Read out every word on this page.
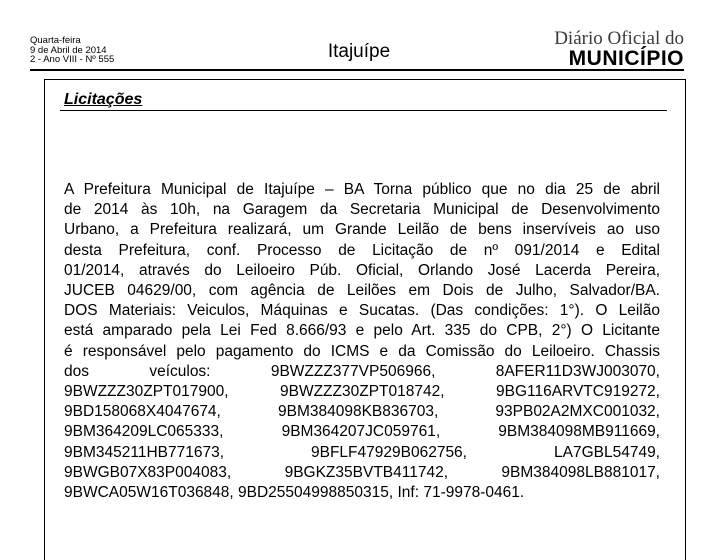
Quarta-feira
9 de Abril de 2014
2 - Ano VIII - Nº 555	Itajuípe
Diário Oficial do
MUNICÍPIO
Licitações

A Prefeitura Municipal de Itajuípe – BA Torna público que no dia 25 de abril

de 2014 às 10h, na Garagem da Secretaria Municipal de Desenvolvimento

Urbano, a Prefeitura realizará, um Grande Leilão de bens inservíveis ao uso

desta Prefeitura, conf. Processo de Licitação de nº 091/2014 e Edital

01/2014, através do Leiloeiro Púb. Oficial, Orlando José Lacerda Pereira,

JUCEB 04629/00, com agência de Leilões em Dois de Julho, Salvador/BA.

DOS Materiais: Veiculos, Máquinas e Sucatas. (Das condições: 1°). O Leilão

está amparado pela Lei Fed 8.666/93 e pelo Art. 335 do CPB, 2°) O Licitante

é responsável pelo pagamento do ICMS e da Comissão do Leiloeiro. Chassis

dos veículos: 9BWZZZ377VP506966, 8AFER11D3WJ003070,

9BWZZZ30ZPT017900, 9BWZZZ30ZPT018742, 9BG116ARVTC919272,

9BD158068X4047674, 9BM384098KB836703, 93PB02A2MXC001032,

9BM364209LC065333, 9BM364207JC059761, 9BM384098MB911669,

9BM345211HB771673, 9BFLF47929B062756, LA7GBL54749,

9BWGB07X83P004083, 9BGKZ35BVTB411742, 9BM384098LB881017,

9BWCA05W16T036848, 9BD25504998850315, Inf: 71-9978-0461.
